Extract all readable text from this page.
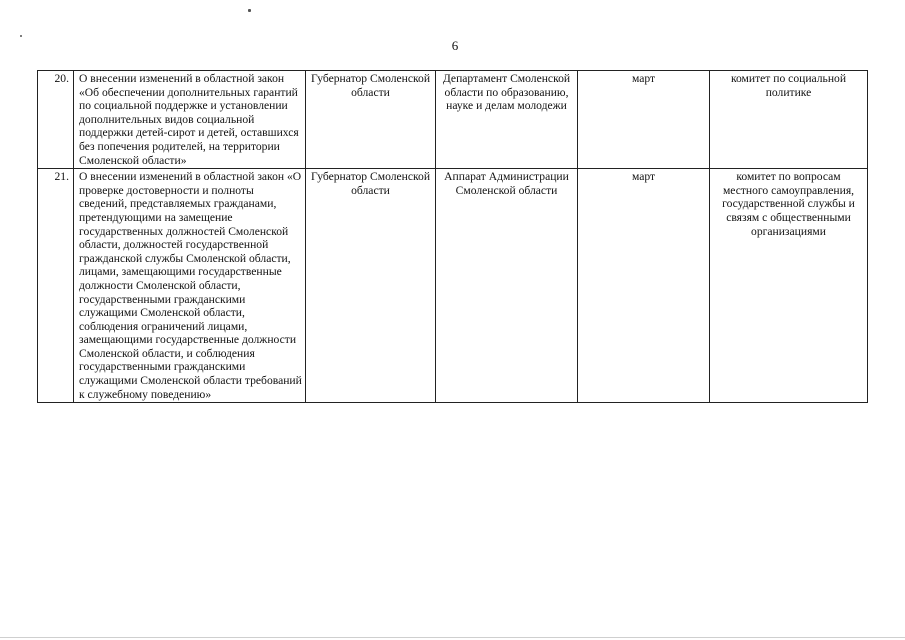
6
20.	О внесении изменений в областной закон «Об обеспечении дополнительных гарантий по социальной поддержке и установлении дополнительных видов социальной поддержки детей-сирот и детей, оставшихся без попечения родителей, на территории Смоленской области»	Губернатор Смоленской области	Департамент Смоленской области по образованию, науке и делам молодежи	март	комитет по социальной политике
21.	О внесении изменений в областной закон «О проверке достоверности и полноты сведений, представляемых гражданами, претендующими на замещение государственных должностей Смоленской области, должностей государственной гражданской службы Смоленской области, лицами, замещающими государственные должности Смоленской области, государственными гражданскими служащими Смоленской области, соблюдения ограничений лицами, замещающими государственные должности Смоленской области, и соблюдения государственными гражданскими служащими Смоленской области требований к служебному поведению»	Губернатор Смоленской области	Аппарат Администрации Смоленской области	март	комитет по вопросам местного самоуправления, государственной службы и связям с общественными организациями
